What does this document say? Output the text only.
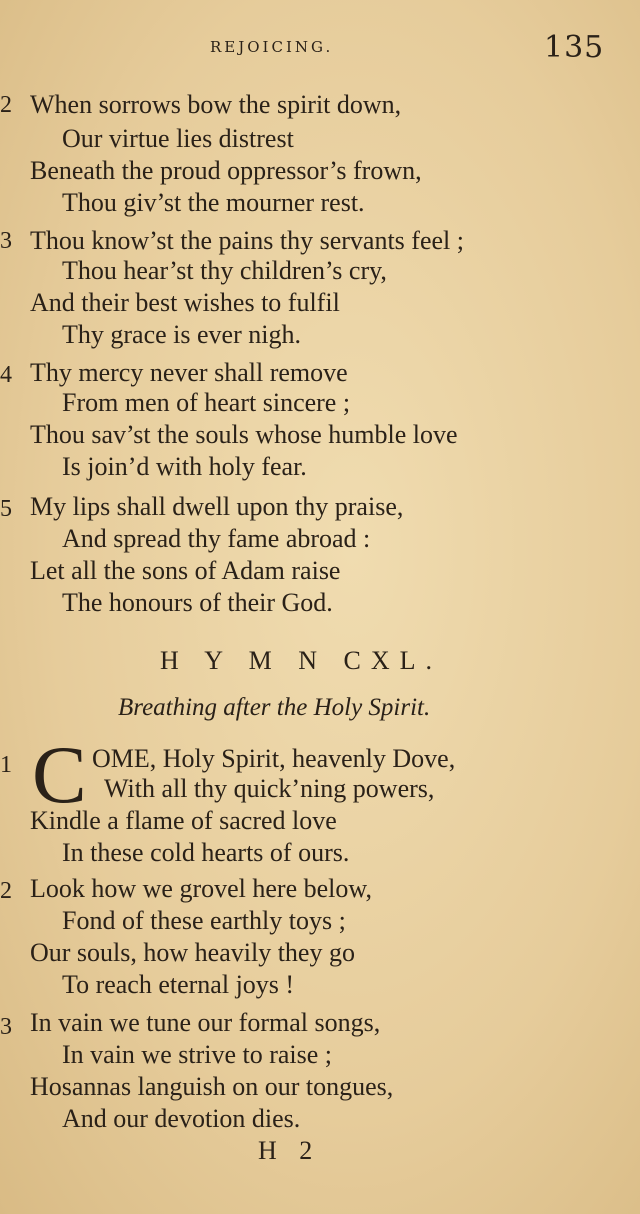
REJOICING.	135
2 When sorrows bow the spirit down,
Our virtue lies distrest
Beneath the proud oppressor’s frown,
Thou giv’st the mourner rest.
3 Thou know’st the pains thy servants feel ;
Thou hear’st thy children’s cry,
And their best wishes to fulfil
Thy grace is ever nigh.
4 Thy mercy never shall remove
From men of heart sincere ;
Thou sav’st the souls whose humble love
Is join’d with holy fear.
5 My lips shall dwell upon thy praise,
And spread thy fame abroad :
Let all the sons of Adam raise
The honours of their God.
H Y M N CXL.
Breathing after the Holy Spirit.
1 C OME, Holy Spirit, heavenly Dove,
With all thy quick’ning powers,
Kindle a flame of sacred love
In these cold hearts of ours.
2 Look how we grovel here below,
Fond of these earthly toys ;
Our souls, how heavily they go
To reach eternal joys !
3 In vain we tune our formal songs,
In vain we strive to raise ;
Hosannas languish on our tongues,
And our devotion dies.
H 2
